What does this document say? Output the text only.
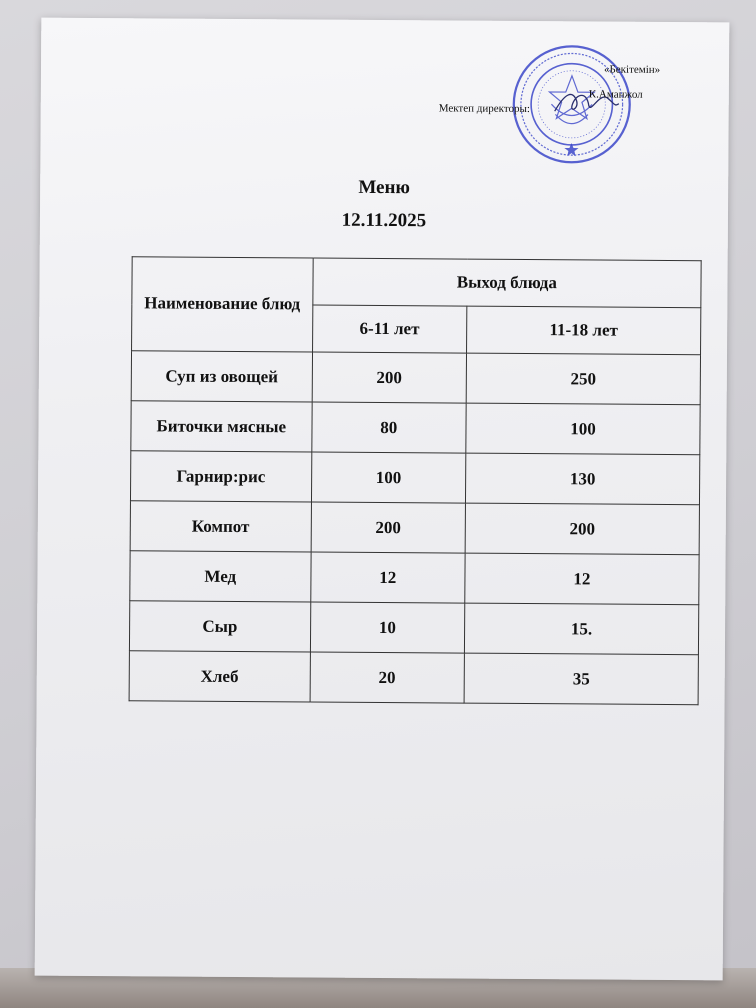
«Бекітемін»
Мектеп директоры:
К.Аманжол
Меню
12.11.2025
Наименование блюд	Выход блюда	
	6-11 лет	11-18 лет
Суп из овощей	200	250
Биточки мясные	80	100
Гарнир:рис	100	130
Компот	200	200
Мед	12	12
Сыр	10	15.
Хлеб	20	35
